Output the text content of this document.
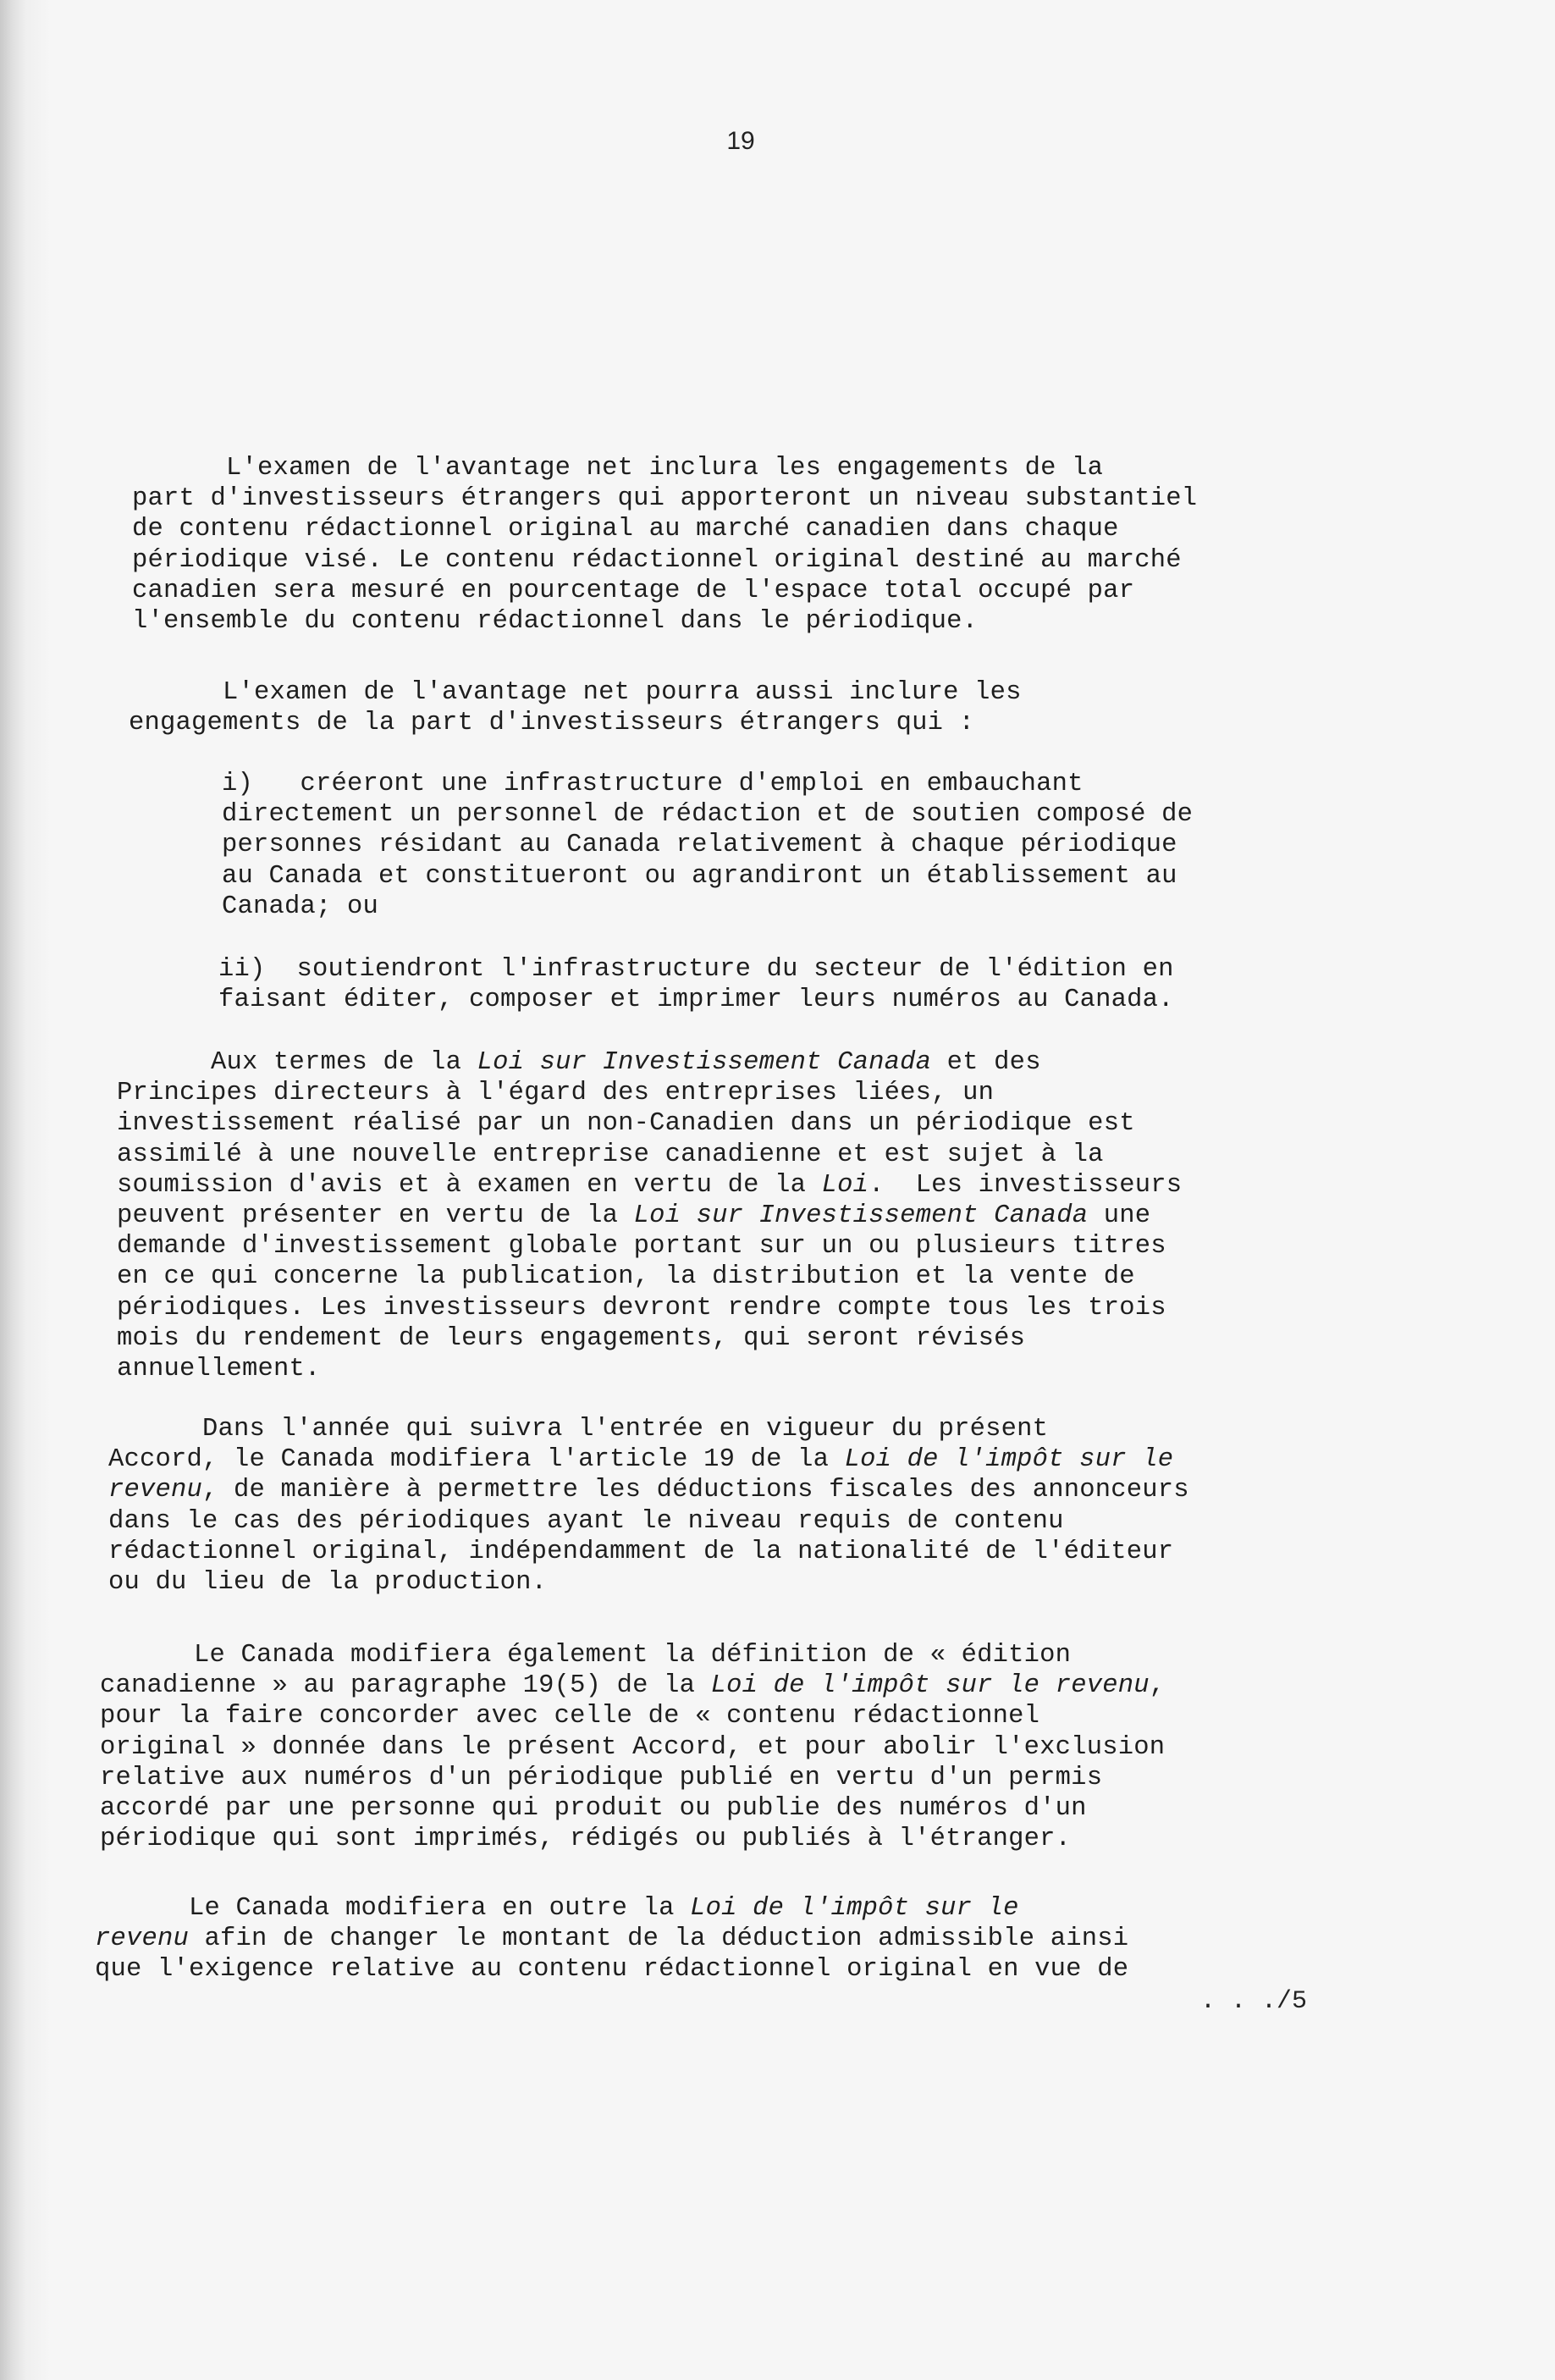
19

L'examen de l'avantage net inclura les engagements de la
part d'investisseurs étrangers qui apporteront un niveau substantiel
de contenu rédactionnel original au marché canadien dans chaque
périodique visé. Le contenu rédactionnel original destiné au marché
canadien sera mesuré en pourcentage de l'espace total occupé par
l'ensemble du contenu rédactionnel dans le périodique.

L'examen de l'avantage net pourra aussi inclure les
engagements de la part d'investisseurs étrangers qui :

i)   créeront une infrastructure d'emploi en embauchant
directement un personnel de rédaction et de soutien composé de
personnes résidant au Canada relativement à chaque périodique
au Canada et constitueront ou agrandiront un établissement au
Canada; ou

ii)  soutiendront l'infrastructure du secteur de l'édition en
faisant éditer, composer et imprimer leurs numéros au Canada.

Aux termes de la Loi sur Investissement Canada et des
Principes directeurs à l'égard des entreprises liées, un
investissement réalisé par un non-Canadien dans un périodique est
assimilé à une nouvelle entreprise canadienne et est sujet à la
soumission d'avis et à examen en vertu de la Loi.  Les investisseurs
peuvent présenter en vertu de la Loi sur Investissement Canada une
demande d'investissement globale portant sur un ou plusieurs titres
en ce qui concerne la publication, la distribution et la vente de
périodiques. Les investisseurs devront rendre compte tous les trois
mois du rendement de leurs engagements, qui seront révisés
annuellement.

Dans l'année qui suivra l'entrée en vigueur du présent
Accord, le Canada modifiera l'article 19 de la Loi de l'impôt sur le
revenu, de manière à permettre les déductions fiscales des annonceurs
dans le cas des périodiques ayant le niveau requis de contenu
rédactionnel original, indépendamment de la nationalité de l'éditeur
ou du lieu de la production.

Le Canada modifiera également la définition de « édition
canadienne » au paragraphe 19(5) de la Loi de l'impôt sur le revenu,
pour la faire concorder avec celle de « contenu rédactionnel
original » donnée dans le présent Accord, et pour abolir l'exclusion
relative aux numéros d'un périodique publié en vertu d'un permis
accordé par une personne qui produit ou publie des numéros d'un
périodique qui sont imprimés, rédigés ou publiés à l'étranger.

Le Canada modifiera en outre la Loi de l'impôt sur le
revenu afin de changer le montant de la déduction admissible ainsi
que l'exigence relative au contenu rédactionnel original en vue de

. . ./5
